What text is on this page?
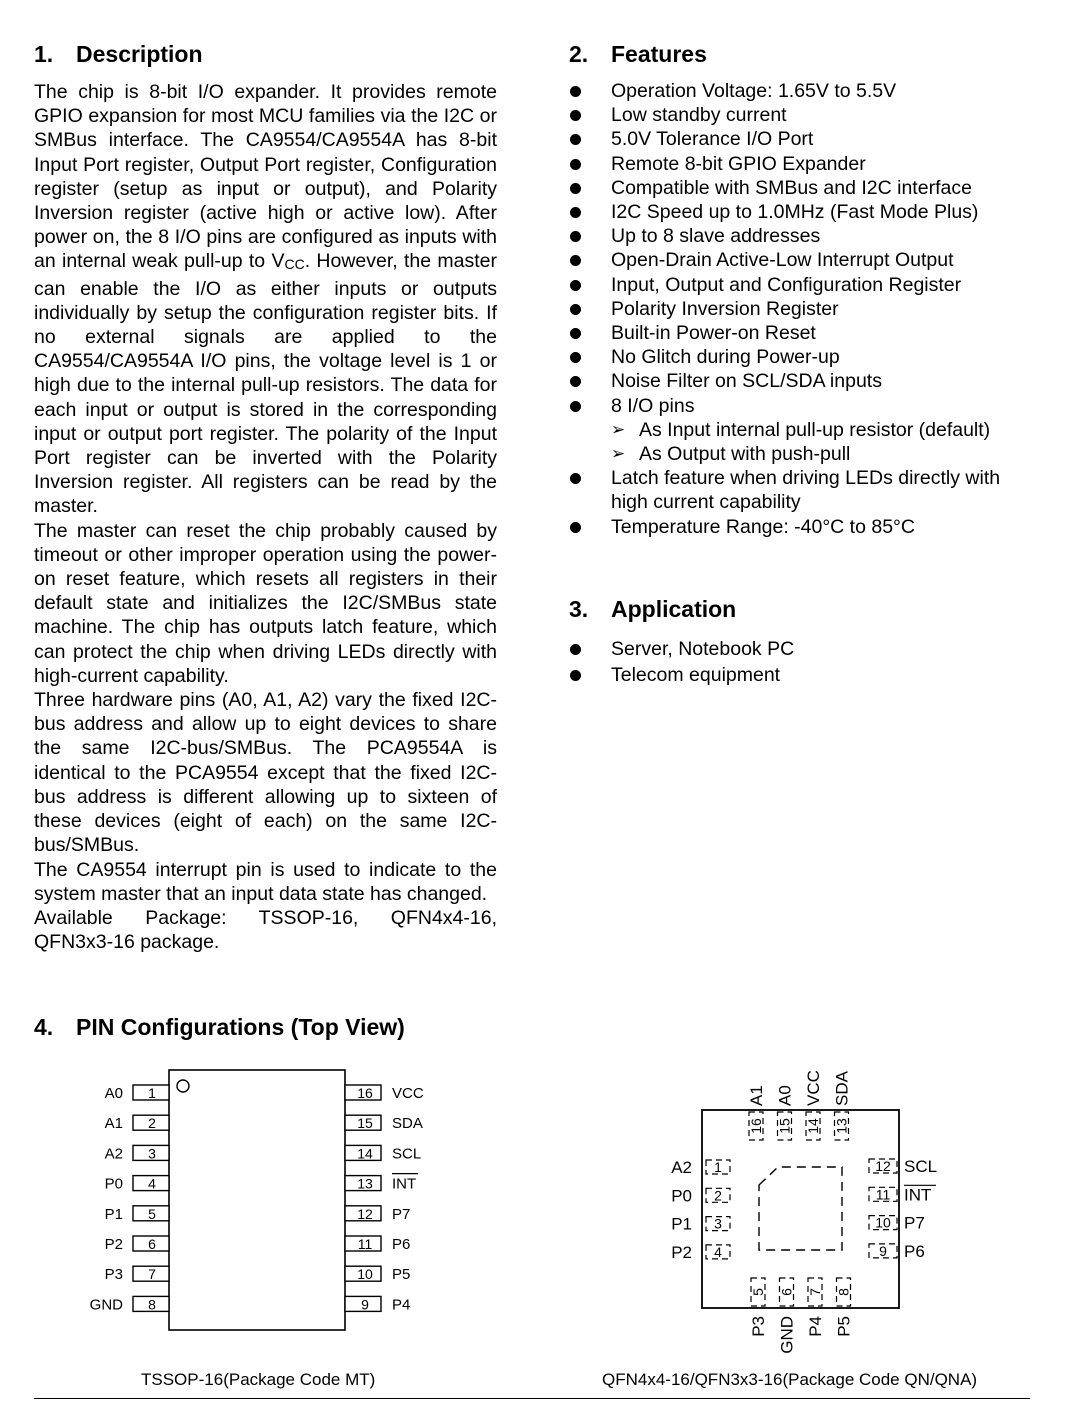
1. Description

The chip is 8-bit I/O expander. It provides remote GPIO expansion for most MCU families via the I2C or SMBus interface. The CA9554/CA9554A has 8-bit Input Port register, Output Port register, Configuration register (setup as input or output), and Polarity Inversion register (active high or active low). After power on, the 8 I/O pins are configured as inputs with an internal weak pull-up to $V_{CC}$. However, the master can enable the I/O as either inputs or outputs individually by setup the configuration register bits. If no external signals are applied to the CA9554/CA9554A I/O pins, the voltage level is 1 or high due to the internal pull-up resistors. The data for each input or output is stored in the corresponding input or output port register. The polarity of the Input Port register can be inverted with the Polarity Inversion register. All registers can be read by the master.

The master can reset the chip probably caused by timeout or other improper operation using the power-on reset feature, which resets all registers in their default state and initializes the I2C/SMBus state machine. The chip has outputs latch feature, which can protect the chip when driving LEDs directly with high-current capability.

Three hardware pins (A0, A1, A2) vary the fixed I2C-bus address and allow up to eight devices to share the same I2C-bus/SMBus. The PCA9554A is identical to the PCA9554 except that the fixed I2C-bus address is different allowing up to sixteen of these devices (eight of each) on the same I2C-bus/SMBus.

The CA9554 interrupt pin is used to indicate to the system master that an input data state has changed.

Available Package: TSSOP-16, QFN4x4-16, QFN3x3-16 package.

2. Features
Operation Voltage: 1.65V to 5.5V
Low standby current
5.0V Tolerance I/O Port
Remote 8-bit GPIO Expander
Compatible with SMBus and I2C interface
I2C Speed up to 1.0MHz (Fast Mode Plus)
Up to 8 slave addresses
Open-Drain Active-Low Interrupt Output
Input, Output and Configuration Register
Polarity Inversion Register
Built-in Power-on Reset
No Glitch during Power-up
Noise Filter on SCL/SDA inputs
8 I/O pins
➢ As Input internal pull-up resistor (default)
➢ As Output with push-pull
Latch feature when driving LEDs directly with high current capability
Temperature Range: -40°C to 85°C
3. Application
Server, Notebook PC
Telecom equipment
4. PIN Configurations (Top View)
1
A0
2
A1
3
A2
4
P0
5
P1
6
P2
7
P3
8
GND
16 VCC
15 SDA
14 SCL
13 INT
12 P7
11 P6
10 P5
9 P4
TSSOP-16(Package Code MT)
1
A2
2
P0
3
P1
4
P2
12 SCL
11 INT
10 P7
9 P6
16
A1
15
A0
14
VCC
13
SDA
5
P3
6
GND
7
P4
8
P5
QFN4x4-16/QFN3x3-16(Package Code QN/QNA)
